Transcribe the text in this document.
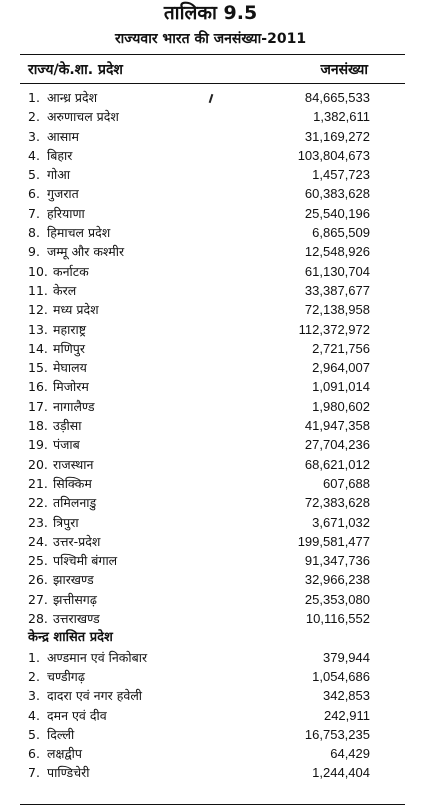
तालिका 9.5
राज्यवार भारत की जनसंख्या-2011
राज्य/के.शा. प्रदेश	जनसंख्या
1. आन्ध्र प्रदेश	84,665,533
2. अरुणाचल प्रदेश	1,382,611
3. आसाम	31,169,272
4. बिहार	103,804,673
5. गोआ	1,457,723
6. गुजरात	60,383,628
7. हरियाणा	25,540,196
8. हिमाचल प्रदेश	6,865,509
9. जम्मू और कश्मीर	12,548,926
10. कर्नाटक	61,130,704
11. केरल	33,387,677
12. मध्य प्रदेश	72,138,958
13. महाराष्ट्र	112,372,972
14. मणिपुर	2,721,756
15. मेघालय	2,964,007
16. मिजोरम	1,091,014
17. नागालैण्ड	1,980,602
18. उड़ीसा	41,947,358
19. पंजाब	27,704,236
20. राजस्थान	68,621,012
21. सिक्किम	607,688
22. तमिलनाडु	72,383,628
23. त्रिपुरा	3,671,032
24. उत्तर-प्रदेश	199,581,477
25. पश्चिमी बंगाल	91,347,736
26. झारखण्ड	32,966,238
27. झत्तीसगढ़	25,353,080
28. उत्तराखण्ड	10,116,552
केन्द्र शासित प्रदेश
1. अण्डमान एवं निकोबार	379,944
2. चण्डीगढ़	1,054,686
3. दादरा एवं नगर हवेली	342,853
4. दमन एवं दीव	242,911
5. दिल्ली	16,753,235
6. लक्षद्वीप	64,429
7. पाण्डिचेरी	1,244,404
